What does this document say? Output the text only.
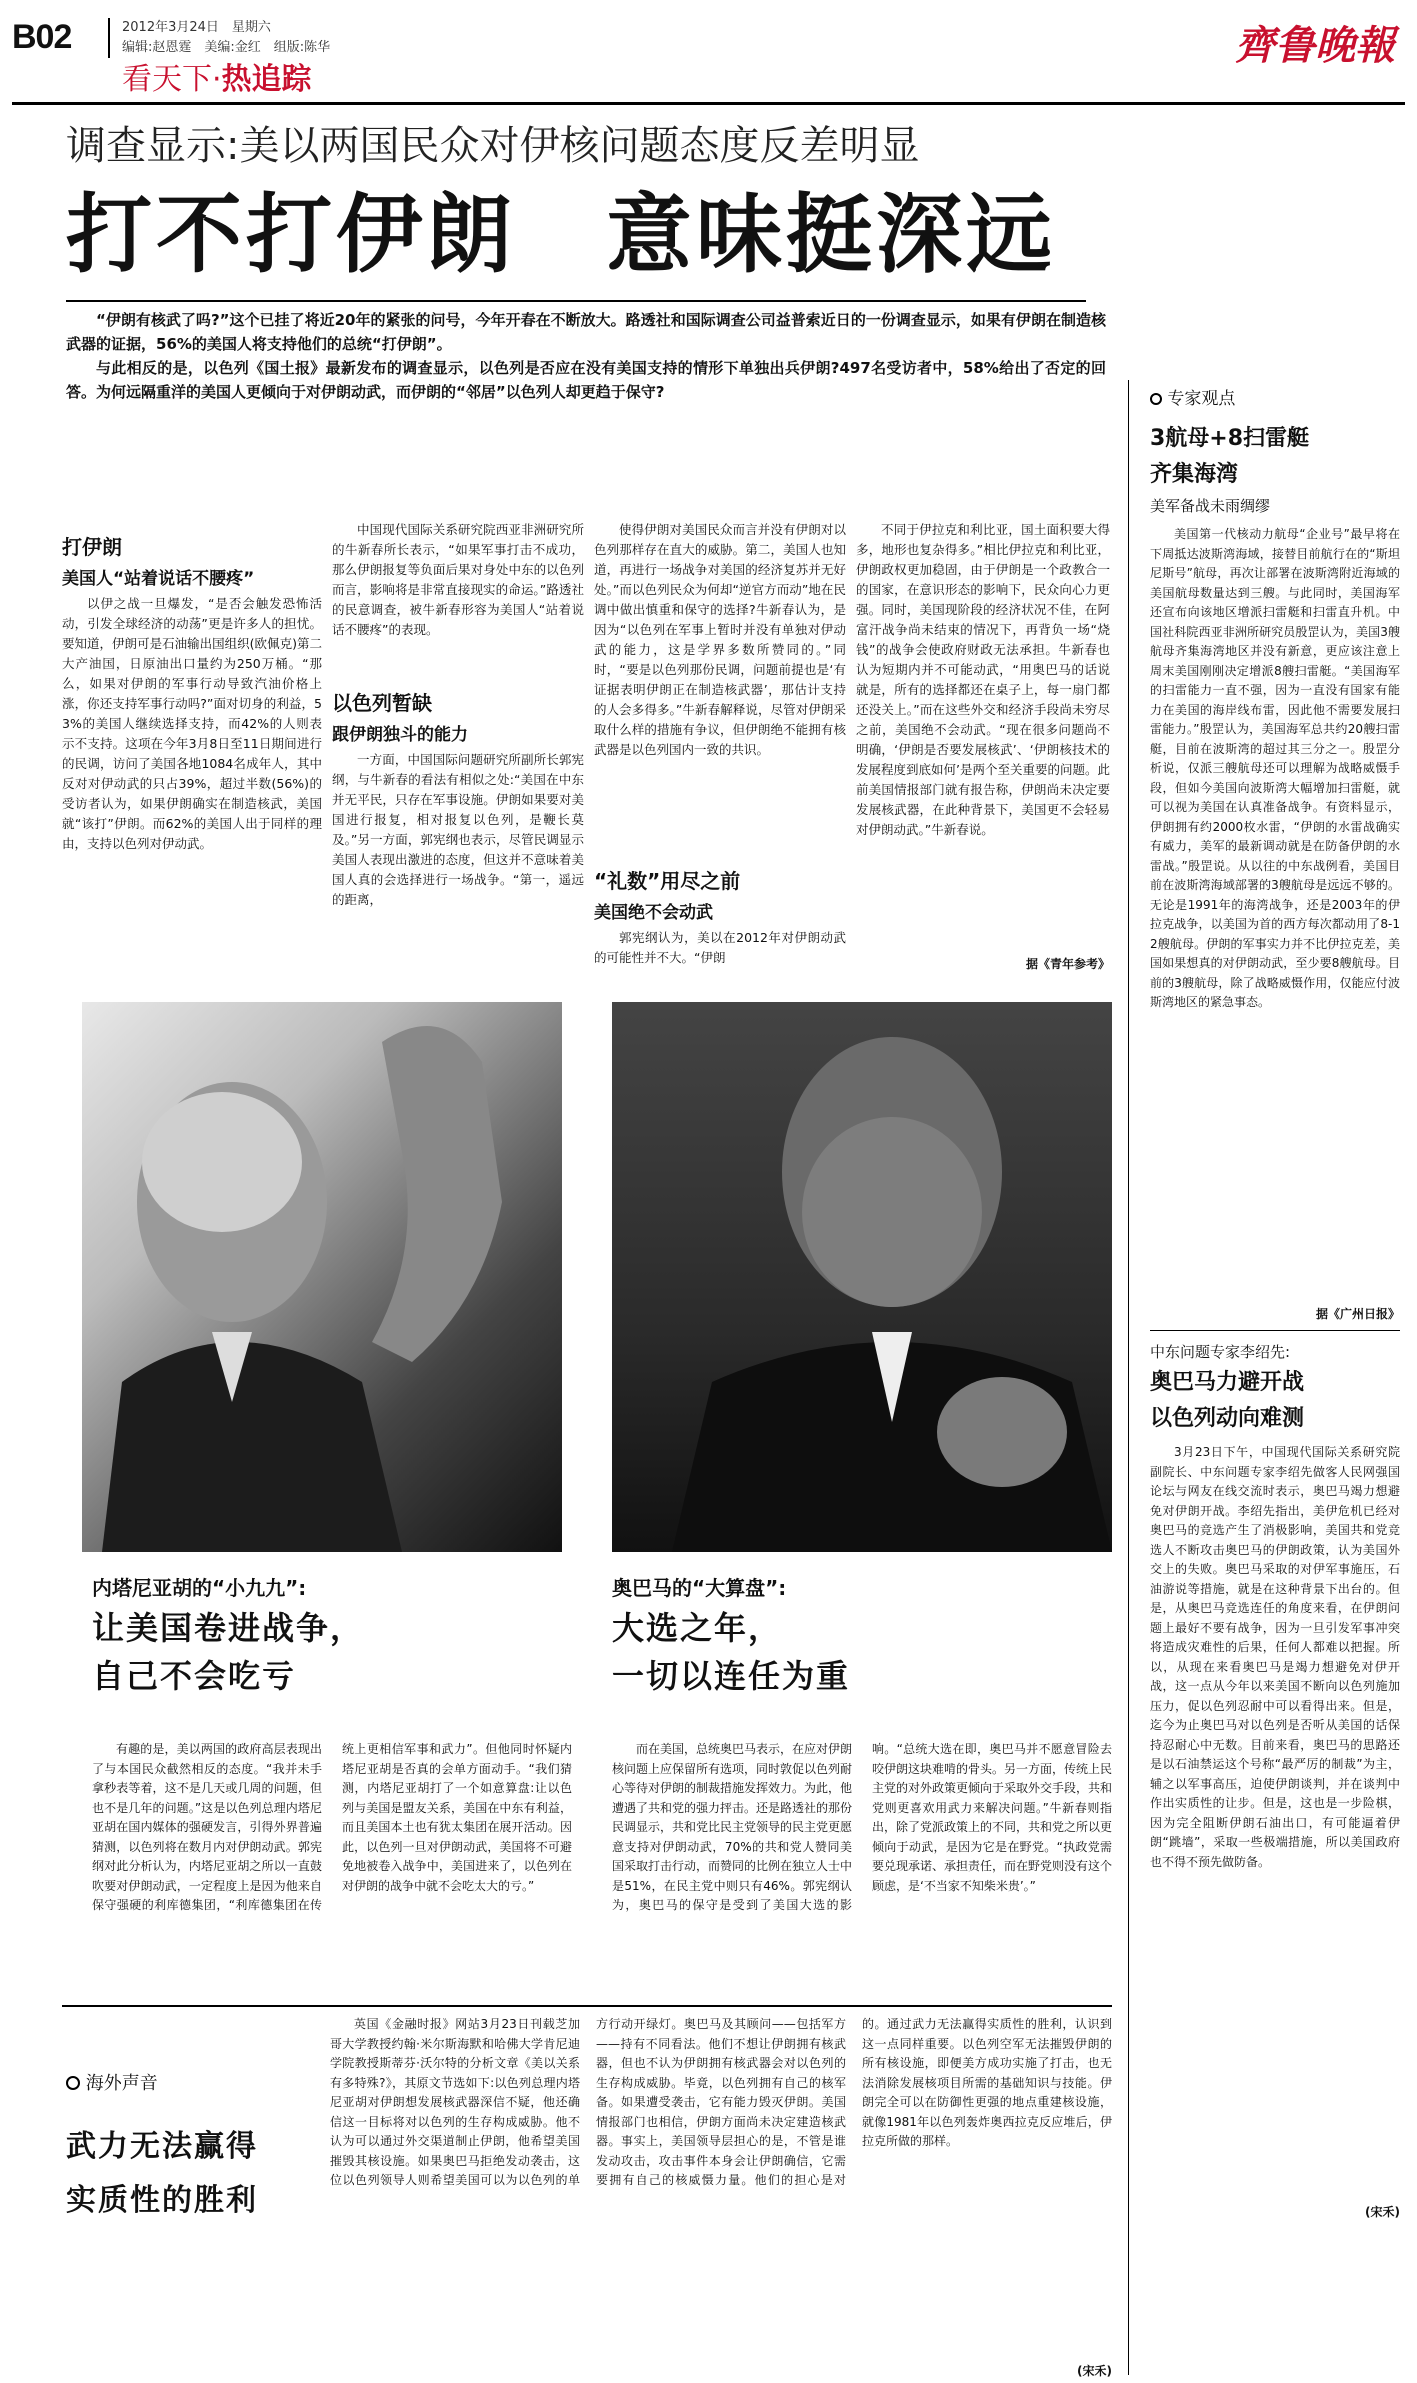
B02	2012年3月24日　星期六
编辑:赵恩霆　美编:金红　组版:陈华
看天下·热追踪
齊鲁晚報
调查显示:美以两国民众对伊核问题态度反差明显
打不打伊朗　意味挺深远

“伊朗有核武了吗?”这个已挂了将近20年的紧张的问号，今年开春在不断放大。路透社和国际调查公司益普索近日的一份调查显示，如果有伊朗在制造核武器的证据，56%的美国人将支持他们的总统“打伊朗”。

与此相反的是，以色列《国土报》最新发布的调查显示，以色列是否应在没有美国支持的情形下单独出兵伊朗?497名受访者中，58%给出了否定的回答。为何远隔重洋的美国人更倾向于对伊朗动武，而伊朗的“邻居”以色列人却更趋于保守?

打伊朗
美国人“站着说话不腰疼”
以伊之战一旦爆发，“是否会触发恐怖活动，引发全球经济的动荡”更是许多人的担忧。要知道，伊朗可是石油输出国组织(欧佩克)第二大产油国，日原油出口量约为250万桶。“那么，如果对伊朗的军事行动导致汽油价格上涨，你还支持军事行动吗?”面对切身的利益，53%的美国人继续选择支持，而42%的人则表示不支持。这项在今年3月8日至11日期间进行的民调，访问了美国各地1084名成年人，其中反对对伊动武的只占39%，超过半数(56%)的受访者认为，如果伊朗确实在制造核武，美国就“该打”伊朗。而62%的美国人出于同样的理由，支持以色列对伊动武。
中国现代国际关系研究院西亚非洲研究所的牛新春所长表示，“如果军事打击不成功，那么伊朗报复等负面后果对身处中东的以色列而言，影响将是非常直接现实的命运。”路透社的民意调查，被牛新春形容为美国人“站着说话不腰疼”的表现。
以色列暂缺
跟伊朗独斗的能力
一方面，中国国际问题研究所副所长郭宪纲，与牛新春的看法有相似之处:“美国在中东并无平民，只存在军事设施。伊朗如果要对美国进行报复，相对报复以色列，是鞭长莫及。”另一方面，郭宪纲也表示，尽管民调显示美国人表现出激进的态度，但这并不意味着美国人真的会选择进行一场战争。“第一，遥远的距离，
使得伊朗对美国民众而言并没有伊朗对以色列那样存在直大的威胁。第二，美国人也知道，再进行一场战争对美国的经济复苏并无好处。”而以色列民众为何却“逆官方而动”地在民调中做出慎重和保守的选择?牛新春认为，是因为“以色列在军事上暂时并没有单独对伊动武的能力，这是学界多数所赞同的。”同时，“要是以色列那份民调，问题前提也是‘有证据表明伊朗正在制造核武器’，那估计支持的人会多得多。”牛新春解释说，尽管对伊朗采取什么样的措施有争议，但伊朗绝不能拥有核武器是以色列国内一致的共识。
“礼数”用尽之前
美国绝不会动武
郭宪纲认为，美以在2012年对伊朗动武的可能性并不大。“伊朗
不同于伊拉克和利比亚，国土面积要大得多，地形也复杂得多。”相比伊拉克和利比亚，伊朗政权更加稳固，由于伊朗是一个政教合一的国家，在意识形态的影响下，民众向心力更强。同时，美国现阶段的经济状况不佳，在阿富汗战争尚未结束的情况下，再背负一场“烧钱”的战争会使政府财政无法承担。牛新春也认为短期内并不可能动武，“用奥巴马的话说就是，所有的选择都还在桌子上，每一扇门都还没关上。”而在这些外交和经济手段尚未穷尽之前，美国绝不会动武。“现在很多问题尚不明确，‘伊朗是否要发展核武’、‘伊朗核技术的发展程度到底如何’是两个至关重要的问题。此前美国情报部门就有报告称，伊朗尚未决定要发展核武器，在此种背景下，美国更不会轻易对伊朗动武。”牛新春说。
据《青年参考》
内塔尼亚胡的“小九九”:
让美国卷进战争，
自己不会吃亏
奥巴马的“大算盘”:
大选之年，
一切以连任为重
有趣的是，美以两国的政府高层表现出了与本国民众截然相反的态度。“我并未手拿秒表等着，这不是几天或几周的问题，但也不是几年的问题。”这是以色列总理内塔尼亚胡在国内媒体的强硬发言，引得外界普遍猜测，以色列将在数月内对伊朗动武。郭宪纲对此分析认为，内塔尼亚胡之所以一直鼓吹要对伊朗动武，一定程度上是因为他来自保守强硬的利库德集团，“利库德集团在传统上更相信军事和武力”。但他同时怀疑内塔尼亚胡是否真的会单方面动手。“我们猜测，内塔尼亚胡打了一个如意算盘:让以色列与美国是盟友关系，美国在中东有利益，而且美国本土也有犹太集团在展开活动。因此，以色列一旦对伊朗动武，美国将不可避免地被卷入战争中，美国进来了，以色列在对伊朗的战争中就不会吃太大的亏。”
而在美国，总统奥巴马表示，在应对伊朗核问题上应保留所有选项，同时敦促以色列耐心等待对伊朗的制裁措施发挥效力。为此，他遭遇了共和党的强力抨击。还是路透社的那份民调显示，共和党比民主党领导的民主党更愿意支持对伊朗动武，70%的共和党人赞同美国采取打击行动，而赞同的比例在独立人士中是51%，在民主党中则只有46%。郭宪纲认为，奥巴马的保守是受到了美国大选的影响。“总统大选在即，奥巴马并不愿意冒险去咬伊朗这块难啃的骨头。另一方面，传统上民主党的对外政策更倾向于采取外交手段，共和党则更喜欢用武力来解决问题。”牛新春则指出，除了党派政策上的不同，共和党之所以更倾向于动武，是因为它是在野党。“执政党需要兑现承诺、承担责任，而在野党则没有这个顾虑，是‘不当家不知柴米贵’。”
海外声音
武力无法赢得
实质性的胜利
英国《金融时报》网站3月23日刊载芝加哥大学教授约翰·米尔斯海默和哈佛大学肯尼迪学院教授斯蒂芬·沃尔特的分析文章《美以关系有多特殊?》，其原文节选如下:以色列总理内塔尼亚胡对伊朗想发展核武器深信不疑，他还确信这一目标将对以色列的生存构成威胁。他不认为可以通过外交渠道制止伊朗，他希望美国摧毁其核设施。如果奥巴马拒绝发动袭击，这位以色列领导人则希望美国可以为以色列的单方行动开绿灯。奥巴马及其顾问——包括军方——持有不同看法。他们不想让伊朗拥有核武器，但也不认为伊朗拥有核武器会对以色列的生存构成威胁。毕竟，以色列拥有自己的核军备。如果遭受袭击，它有能力毁灭伊朗。美国情报部门也相信，伊朗方面尚未决定建造核武器。事实上，美国领导层担心的是，不管是谁发动攻击，攻击事件本身会让伊朗确信，它需要拥有自己的核威慑力量。他们的担心是对的。通过武力无法赢得实质性的胜利，认识到这一点同样重要。以色列空军无法摧毁伊朗的所有核设施，即便美方成功实施了打击，也无法消除发展核项目所需的基础知识与技能。伊朗完全可以在防御性更强的地点重建核设施，就像1981年以色列轰炸奥西拉克反应堆后，伊拉克所做的那样。
(宋禾)
专家观点
3航母+8扫雷艇
齐集海湾
美军备战未雨绸缪
美国第一代核动力航母“企业号”最早将在下周抵达波斯湾海域，接替目前航行在的“斯坦尼斯号”航母，再次让部署在波斯湾附近海域的美国航母数量达到三艘。与此同时，美国海军还宣布向该地区增派扫雷艇和扫雷直升机。中国社科院西亚非洲所研究员殷罡认为，美国3艘航母齐集海湾地区并没有新意，更应该注意上周末美国刚刚决定增派8艘扫雷艇。“美国海军的扫雷能力一直不强，因为一直没有国家有能力在美国的海岸线布雷，因此他不需要发展扫雷能力。”殷罡认为，美国海军总共约20艘扫雷艇，目前在波斯湾的超过其三分之一。殷罡分析说，仅派三艘航母还可以理解为战略威慑手段，但如今美国向波斯湾大幅增加扫雷艇，就可以视为美国在认真准备战争。有资料显示，伊朗拥有约2000枚水雷，“伊朗的水雷战确实有威力，美军的最新调动就是在防备伊朗的水雷战。”殷罡说。从以往的中东战例看，美国目前在波斯湾海域部署的3艘航母是远远不够的。无论是1991年的海湾战争，还是2003年的伊拉克战争，以美国为首的西方每次都动用了8-12艘航母。伊朗的军事实力并不比伊拉克差，美国如果想真的对伊朗动武，至少要8艘航母。目前的3艘航母，除了战略威慑作用，仅能应付波斯湾地区的紧急事态。
据《广州日报》
中东问题专家李绍先:
奥巴马力避开战
以色列动向难测
3月23日下午，中国现代国际关系研究院副院长、中东问题专家李绍先做客人民网强国论坛与网友在线交流时表示，奥巴马竭力想避免对伊朗开战。李绍先指出，美伊危机已经对奥巴马的竞选产生了消极影响，美国共和党竞选人不断攻击奥巴马的伊朗政策，认为美国外交上的失败。奥巴马采取的对伊军事施压，石油游说等措施，就是在这种背景下出台的。但是，从奥巴马竞选连任的角度来看，在伊朗问题上最好不要有战争，因为一旦引发军事冲突将造成灾难性的后果，任何人都难以把握。所以，从现在来看奥巴马是竭力想避免对伊开战，这一点从今年以来美国不断向以色列施加压力，促以色列忍耐中可以看得出来。但是，迄今为止奥巴马对以色列是否听从美国的话保持忍耐心中无数。目前来看，奥巴马的思路还是以石油禁运这个号称“最严厉的制裁”为主，辅之以军事高压，迫使伊朗谈判，并在谈判中作出实质性的让步。但是，这也是一步险棋，因为完全阻断伊朗石油出口，有可能逼着伊朗“跳墙”，采取一些极端措施，所以美国政府也不得不预先做防备。
(宋禾)
